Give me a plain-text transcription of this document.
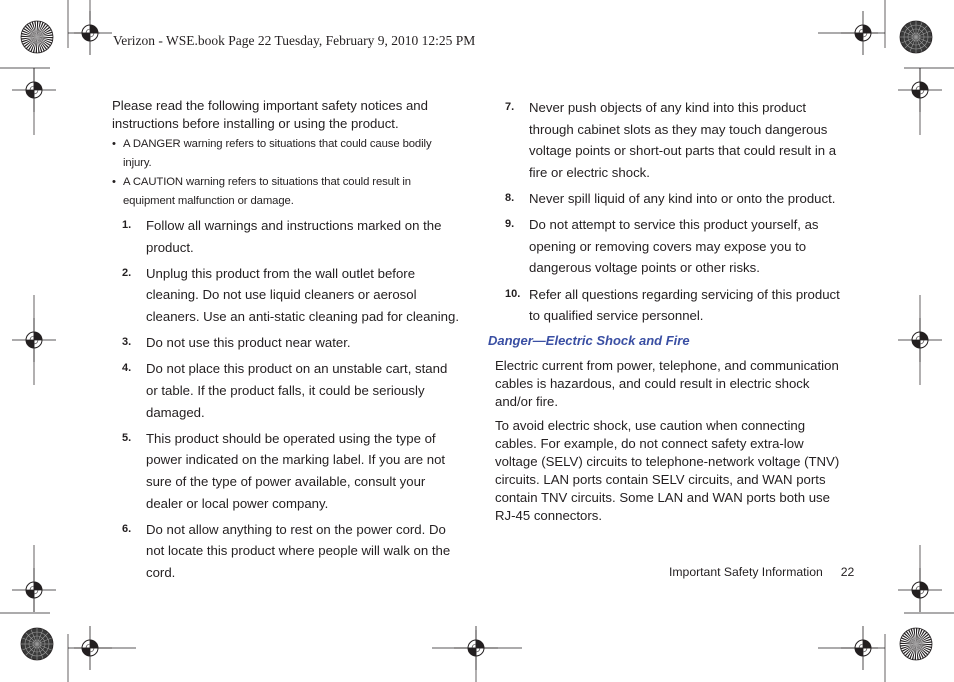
Verizon - WSE.book Page 22 Tuesday, February 9, 2010 12:25 PM

Please read the following important safety notices and instructions before installing or using the product.

• A DANGER warning refers to situations that could cause bodily injury.
• A CAUTION warning refers to situations that could result in equipment malfunction or damage.
1. Follow all warnings and instructions marked on the product.
2. Unplug this product from the wall outlet before cleaning. Do not use liquid cleaners or aerosol cleaners. Use an anti-static cleaning pad for cleaning.
3. Do not use this product near water.
4. Do not place this product on an unstable cart, stand or table. If the product falls, it could be seriously damaged.
5. This product should be operated using the type of power indicated on the marking label. If you are not sure of the type of power available, consult your dealer or local power company.
6. Do not allow anything to rest on the power cord. Do not locate this product where people will walk on the cord.
7. Never push objects of any kind into this product through cabinet slots as they may touch dangerous voltage points or short-out parts that could result in a fire or electric shock.
8. Never spill liquid of any kind into or onto the product.
9. Do not attempt to service this product yourself, as opening or removing covers may expose you to dangerous voltage points or other risks.
10. Refer all questions regarding servicing of this product to qualified service personnel.
Danger—Electric Shock and Fire

Electric current from power, telephone, and communication cables is hazardous, and could result in electric shock and/or fire.

To avoid electric shock, use caution when connecting cables. For example, do not connect safety extra-low voltage (SELV) circuits to telephone-network voltage (TNV) circuits. LAN ports contain SELV circuits, and WAN ports contain TNV circuits. Some LAN and WAN ports both use RJ-45 connectors.

Important Safety Information 22
